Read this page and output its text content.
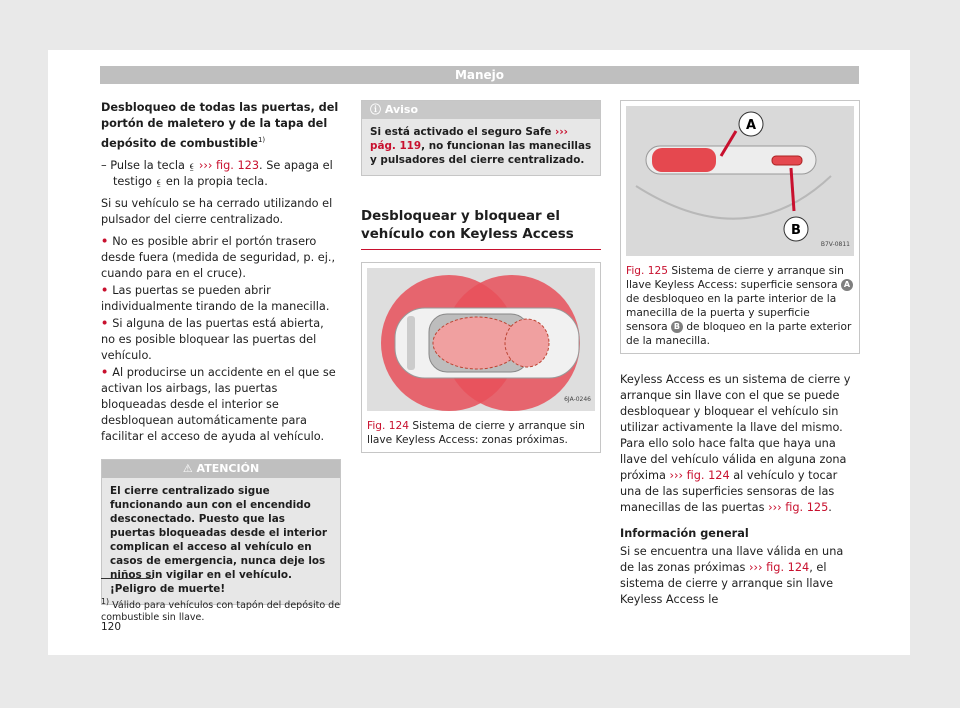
Manejo

Desbloqueo de todas las puertas, del portón de maletero y de la tapa del depósito de combustible$^{1)}$

– Pulse la tecla ⍷ ››› fig. 123. Se apaga el testigo ⍷ en la propia tecla.

Si su vehículo se ha cerrado utilizando el pulsador del cierre centralizado.

• No es posible abrir el portón trasero desde fuera (medida de seguridad, p. ej., cuando para en el cruce).

• Las puertas se pueden abrir individualmente tirando de la manecilla.

• Si alguna de las puertas está abierta, no es posible bloquear las puertas del vehículo.

• Al producirse un accidente en el que se activan los airbags, las puertas bloqueadas desde el interior se desbloquean automáticamente para facilitar el acceso de ayuda al vehículo.

⚠ ATENCIÓN
El cierre centralizado sigue funcionando aun con el encendido desconectado. Puesto que las puertas bloqueadas desde el interior complican el acceso al vehículo en casos de emergencia, nunca deje los niños sin vigilar en el vehículo. ¡Peligro de muerte!
ⓘ Aviso
Si está activado el seguro Safe ››› pág. 119, no funcionan las manecillas y pulsadores del cierre centralizado.
Desbloquear y bloquear el vehículo con Keyless Access
6JA-0246
Fig. 124 Sistema de cierre y arranque sin llave Keyless Access: zonas próximas.
A
B
B7V-0811
Fig. 125 Sistema de cierre y arranque sin llave Keyless Access: superficie sensora A de desbloqueo en la parte interior de la manecilla de la puerta y superficie sensora B de bloqueo en la parte exterior de la manecilla.

Keyless Access es un sistema de cierre y arranque sin llave con el que se puede desbloquear y bloquear el vehículo sin utilizar activamente la llave del mismo. Para ello solo hace falta que haya una llave del vehículo válida en alguna zona próxima ››› fig. 124 al vehículo y tocar una de las superficies sensoras de las manecillas de las puertas ››› fig. 125.

Información general

Si se encuentra una llave válida en una de las zonas próximas ››› fig. 124, el sistema de cierre y arranque sin llave Keyless Access le

$^{1)}$ Válido para vehículos con tapón del depósito de combustible sin llave.
120
